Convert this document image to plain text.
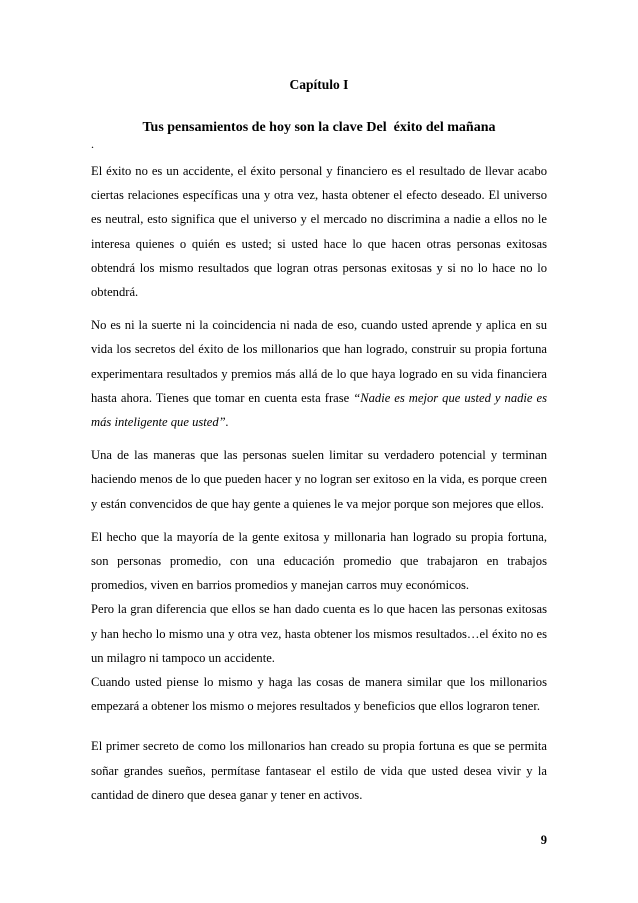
Capítulo I
Tus pensamientos de hoy son la clave Del  éxito del mañana
.

El éxito no es un accidente, el éxito personal y financiero es el resultado de llevar acabo ciertas relaciones específicas una y otra vez, hasta obtener el efecto deseado. El universo es neutral, esto significa que el universo y el mercado no discrimina a nadie a ellos no le interesa quienes o quién es usted; si usted hace lo que hacen otras personas exitosas obtendrá los mismo resultados que logran otras personas exitosas y si no lo hace no lo obtendrá.

No es ni la suerte ni la coincidencia ni nada de eso, cuando usted aprende y aplica en su vida los secretos del éxito de los millonarios que han logrado, construir su propia fortuna experimentara resultados y premios más allá de lo que haya logrado en su vida financiera hasta ahora. Tienes que tomar en cuenta esta frase “Nadie es mejor que usted y nadie es más inteligente que usted”.

Una de las maneras que las personas suelen limitar su verdadero potencial y terminan haciendo menos de lo que pueden hacer y no logran ser exitoso en la vida, es porque creen y están convencidos de que hay gente a quienes le va mejor porque son mejores que ellos.

El hecho que la mayoría de la gente exitosa y millonaria han logrado su propia fortuna, son personas promedio, con una educación promedio que trabajaron en trabajos promedios, viven en barrios promedios y manejan carros muy económicos.

Pero la gran diferencia que ellos se han dado cuenta es lo que hacen las personas exitosas y han hecho lo mismo una y otra vez, hasta obtener los mismos resultados…el éxito no es un milagro ni tampoco un accidente.

Cuando usted piense lo mismo y haga las cosas de manera similar que los millonarios empezará a obtener los mismo o mejores resultados y beneficios que ellos lograron tener.

El primer secreto de como los millonarios han creado su propia fortuna es que se permita soñar grandes sueños, permítase fantasear el estilo de vida que usted desea vivir y la cantidad de dinero que desea ganar y tener en activos.

9
